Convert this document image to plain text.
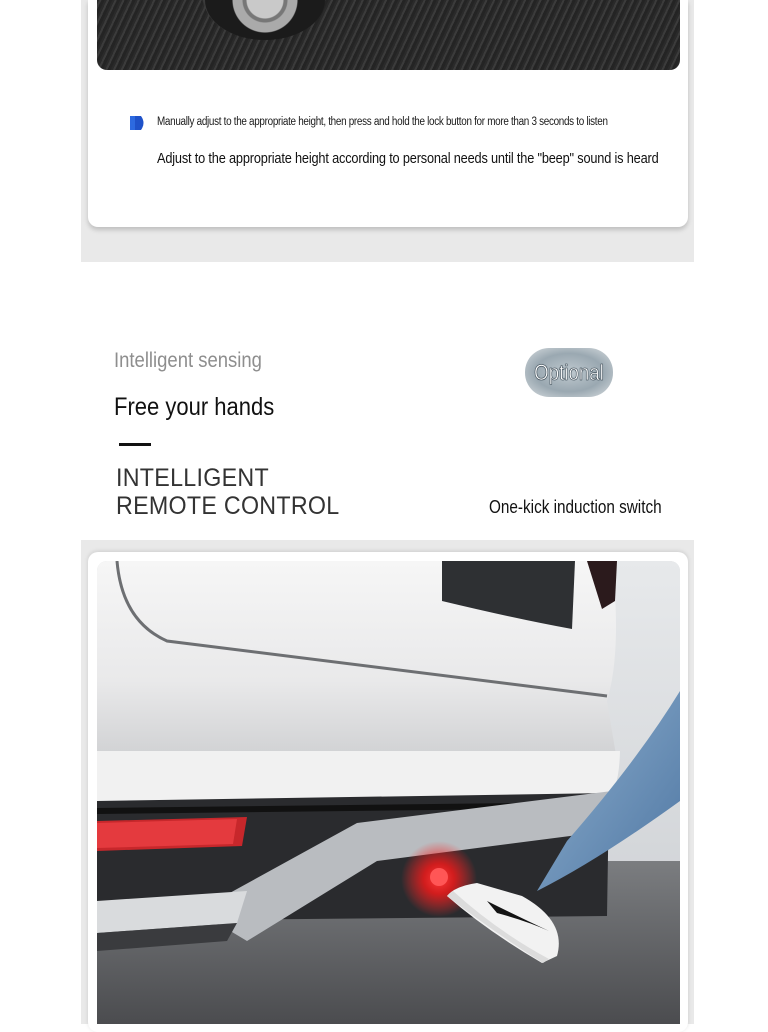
Manually adjust to the appropriate height, then press and hold the lock button for more than 3 seconds to listen
Adjust to the appropriate height according to personal needs until the "beep" sound is heard
Intelligent sensing
Free your hands
Optional
INTELLIGENT
REMOTE CONTROL	One-kick induction switch
